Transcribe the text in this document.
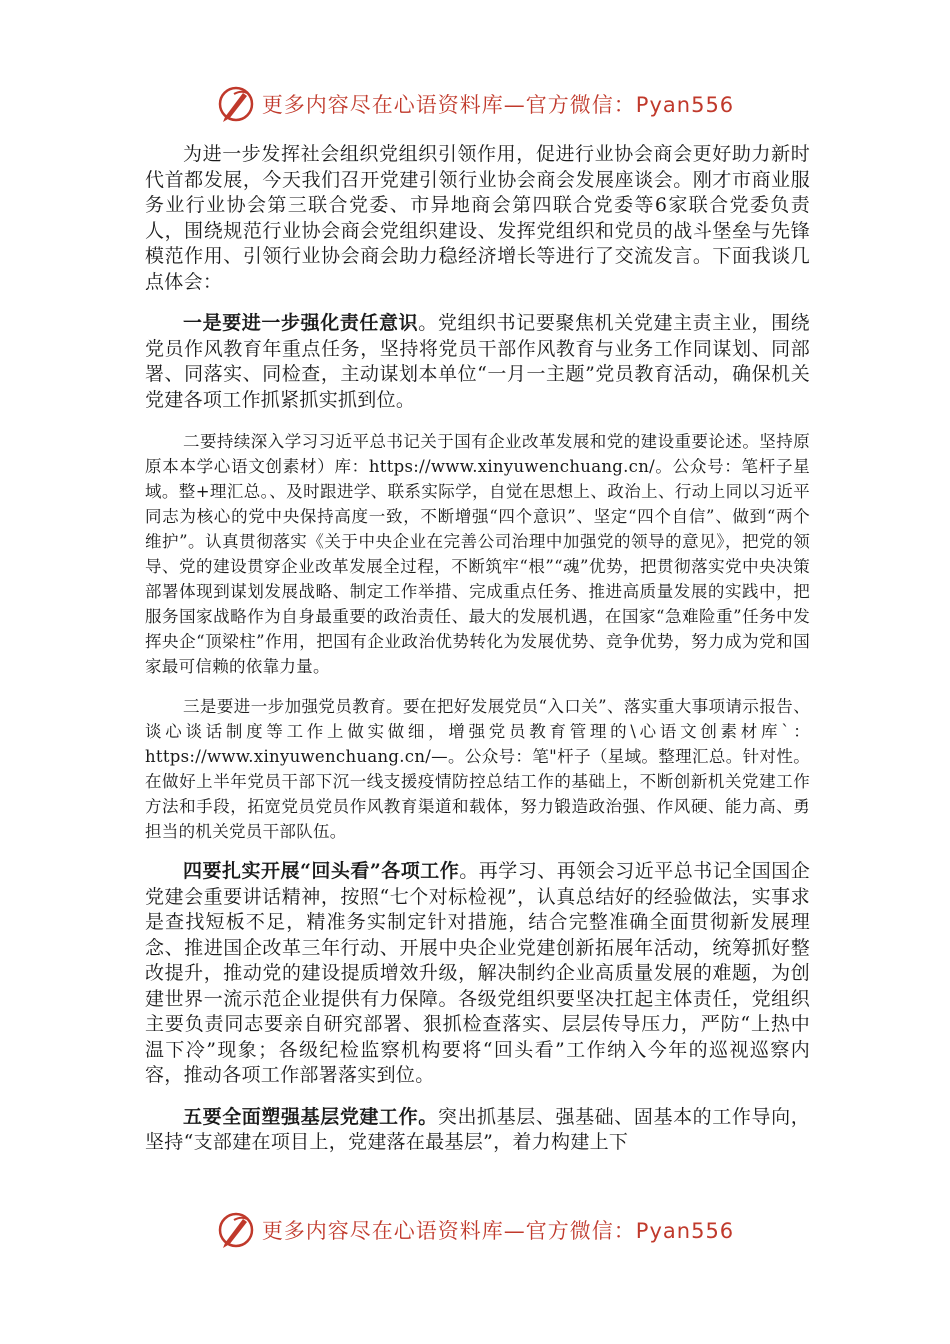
更多内容尽在心语资料库—官方微信：Pyan556

为进一步发挥社会组织党组织引领作用，促进行业协会商会更好助力新时代首都发展，今天我们召开党建引领行业协会商会发展座谈会。刚才市商业服务业行业协会第三联合党委、市异地商会第四联合党委等6家联合党委负责人，围绕规范行业协会商会党组织建设、发挥党组织和党员的战斗堡垒与先锋模范作用、引领行业协会商会助力稳经济增长等进行了交流发言。下面我谈几点体会：

一是要进一步强化责任意识。党组织书记要聚焦机关党建主责主业，围绕党员作风教育年重点任务，坚持将党员干部作风教育与业务工作同谋划、同部署、同落实、同检查，主动谋划本单位“一月一主题”党员教育活动，确保机关党建各项工作抓紧抓实抓到位。

二要持续深入学习习近平总书记关于国有企业改革发展和党的建设重要论述。坚持原原本本学心语文创素材）库：https://www.xinyuwenchuang.cn/。公众号：笔杆子星域。整+理汇总。、及时跟进学、联系实际学，自觉在思想上、政治上、行动上同以习近平同志为核心的党中央保持高度一致，不断增强“四个意识”、坚定“四个自信”、做到“两个维护”。认真贯彻落实《关于中央企业在完善公司治理中加强党的领导的意见》，把党的领导、党的建设贯穿企业改革发展全过程，不断筑牢“根”“魂”优势，把贯彻落实党中央决策部署体现到谋划发展战略、制定工作举措、完成重点任务、推进高质量发展的实践中，把服务国家战略作为自身最重要的政治责任、最大的发展机遇，在国家“急难险重”任务中发挥央企“顶梁柱”作用，把国有企业政治优势转化为发展优势、竞争优势，努力成为党和国家最可信赖的依靠力量。

三是要进一步加强党员教育。要在把好发展党员“入口关”、落实重大事项请示报告、谈心谈话制度等工作上做实做细，增强党员教育管理的\心语文创素材库`：https://www.xinyuwenchuang.cn/—。公众号：笔"杆子（星域。整理汇总。针对性。在做好上半年党员干部下沉一线支援疫情防控总结工作的基础上，不断创新机关党建工作方法和手段，拓宽党员党员作风教育渠道和载体，努力锻造政治强、作风硬、能力高、勇担当的机关党员干部队伍。

四要扎实开展“回头看”各项工作。再学习、再领会习近平总书记全国国企党建会重要讲话精神，按照“七个对标检视”，认真总结好的经验做法，实事求是查找短板不足，精准务实制定针对措施，结合完整准确全面贯彻新发展理念、推进国企改革三年行动、开展中央企业党建创新拓展年活动，统筹抓好整改提升，推动党的建设提质增效升级，解决制约企业高质量发展的难题，为创建世界一流示范企业提供有力保障。各级党组织要坚决扛起主体责任，党组织主要负责同志要亲自研究部署、狠抓检查落实、层层传导压力，严防“上热中温下冷”现象；各级纪检监察机构要将“回头看”工作纳入今年的巡视巡察内容，推动各项工作部署落实到位。

五要全面塑强基层党建工作。突出抓基层、强基础、固基本的工作导向，坚持“支部建在项目上，党建落在最基层”，着力构建上下

更多内容尽在心语资料库—官方微信：Pyan556
